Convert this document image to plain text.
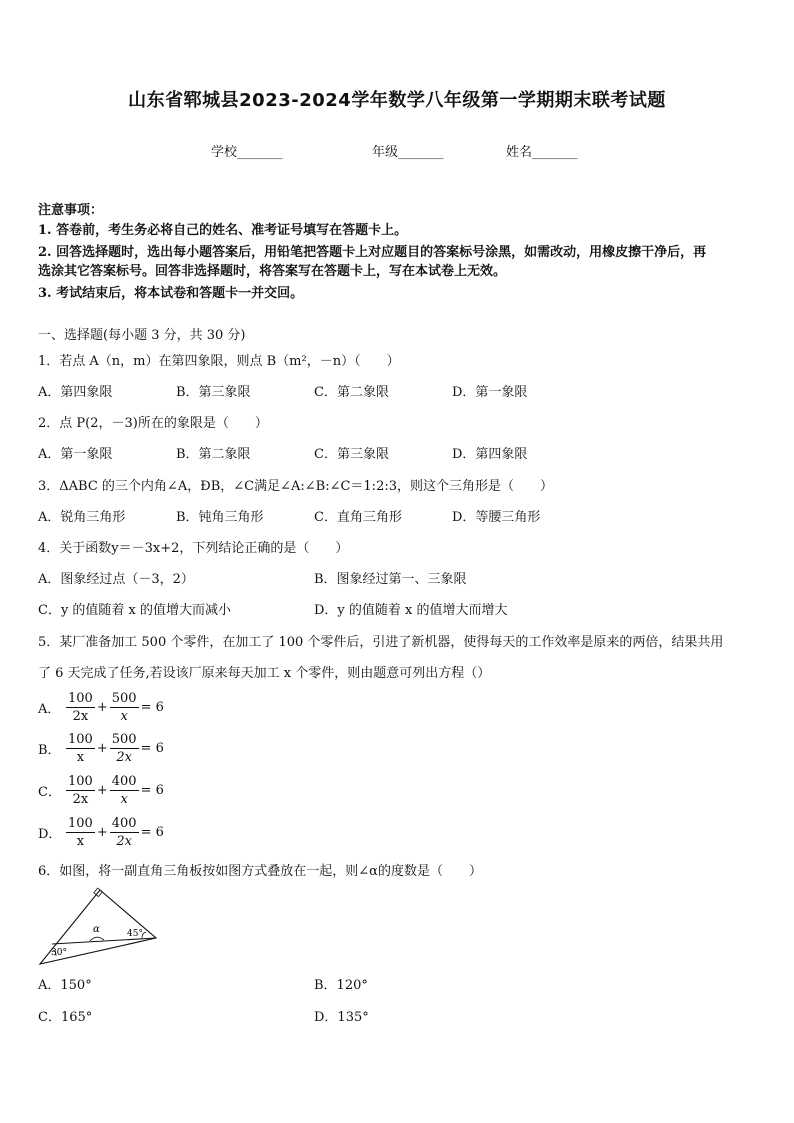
山东省郓城县2023-2024学年数学八年级第一学期期末联考试题
学校_______	年级_______	姓名_______
注意事项：
1. 答卷前，考生务必将自己的姓名、准考证号填写在答题卡上。
2. 回答选择题时，选出每小题答案后，用铅笔把答题卡上对应题目的答案标号涂黑，如需改动，用橡皮擦干净后，再
选涂其它答案标号。回答非选择题时，将答案写在答题卡上，写在本试卷上无效。
3. 考试结束后，将本试卷和答题卡一并交回。
一、选择题(每小题 3 分，共 30 分)
1．若点 A（n，m）在第四象限，则点 B（m²，－n）（　　）
A．第四象限	B．第三象限	C．第二象限	D．第一象限
2．点 P(2，－3)所在的象限是（　　）
A．第一象限	B．第二象限	C．第三象限	D．第四象限
3．ΔABC 的三个内角∠A，ÐB，∠C满足∠A:∠B:∠C＝1:2:3，则这个三角形是（　　）
A．锐角三角形	B．钝角三角形	C．直角三角形	D．等腰三角形
4．关于函数y＝－3x+2，下列结论正确的是（　　）
A．图象经过点（－3，2）	B．图象经过第一、三象限
C．y 的值随着 x 的值增大而减小	D．y 的值随着 x 的值增大而增大
5．某厂准备加工 500 个零件，在加工了 100 个零件后，引进了新机器，使得每天的工作效率是原来的两倍，结果共用
了 6 天完成了任务,若设该厂原来每天加工 x 个零件，则由题意可列出方程（）
A． $\frac{100}{2x} + \frac{500}{x} = 6$
B． $\frac{100}{x} + \frac{500}{2x} = 6$
C． $\frac{100}{2x} + \frac{400}{x} = 6$
D． $\frac{100}{x} + \frac{400}{2x} = 6$
6．如图，将一副直角三角板按如图方式叠放在一起，则∠α的度数是（　　）
α	45°
30°
A．150°	B．120°
C．165°	D．135°
